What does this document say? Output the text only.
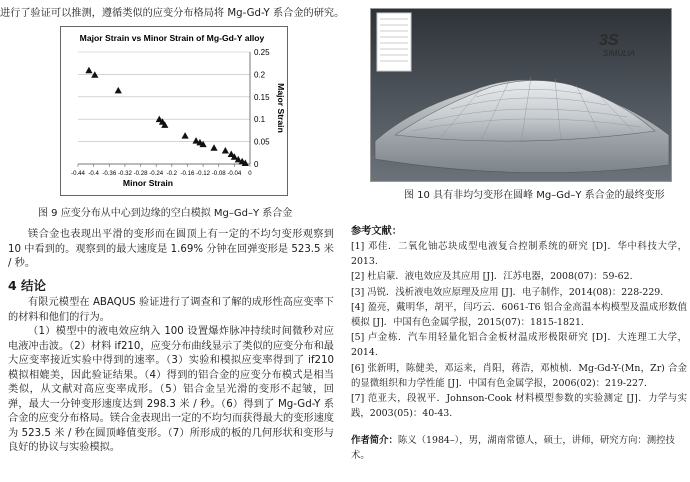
进行了验证可以推测，遵循类似的应变分布格局将 Mg-Gd-Y 系合金的研究。
Major Strain vs Minor Strain of Mg-Gd-Y alloy
-0.44 -0.4 -0.36 -0.32 -0.28 -0.24 -0.2 -0.16 -0.12 -0.08 -0.04 0
0.25
0.2
0.15
0.1
0.05
0
Minor Strain
Major Strain
图 9 应变分布从中心到边缘的空白模拟 Mg–Gd–Y 系合金

镁合金也表现出平滑的变形而在圆顶上有一定的不均匀变形观察到 10 中看到的。观察到的最大速度是 1.69% 分钟在回弹变形是 523.5 米 / 秒。

4 结论

有限元模型在 ABAQUS 验证进行了调查和了解的成形性高应变率下的材料和他们的行为。

（1）模型中的液电效应纳入 100 设置爆炸脉冲持续时间微秒对应电液冲击波。（2）材料 if210，应变分布曲线显示了类似的应变分布和最大应变率接近实验中得到的速率。（3）实验和模拟应变率得到了 if210 模拟相媲美，因此验证结果。（4）得到的铝合金的应变分布模式是相当类似，从文献对高应变率成形。（5）铝合金呈光滑的变形不起皱，回弹，最大一分钟变形速度达到 298.3 米 / 秒。（6）得到了 Mg-Gd-Y 系合金的应变分布格局。镁合金表现出一定的不均匀而获得最大的变形速度为 523.5 米 / 秒在圆顶峰值变形。（7）所形成的板的几何形状和变形与良好的协议与实验模拟。

3S
SIMULIA
图 10 具有非均匀变形在圆峰 Mg–Gd–Y 系合金的最终变形
参考文献：

[1] 邓佳．二氧化铀芯块成型电液复合控制系统的研究 [D]．华中科技大学，2013.

[2] 杜启蒙．液电效应及其应用 [J]．江苏电器，2008(07)：59-62.

[3] 冯锐．浅析液电效应原理及应用 [J]．电子制作，2014(08)：228-229.

[4] 盈亮，戴明华，胡平，闫巧云．6061-T6 铝合金高温本构模型及温成形数值模拟 [J]．中国有色金属学报，2015(07)：1815-1821.

[5] 卢金栋．汽车用轻量化铝合金板材温成形极限研究 [D]．大连理工大学，2014.

[6] 张新明，陈健美，邓运来，肖阳，蒋浩，邓桢桢．Mg-Gd-Y-(Mn，Zr) 合金的显微组织和力学性能 [J]．中国有色金属学报，2006(02)：219-227.

[7] 范亚夫，段祝平．Johnson-Cook 材料模型参数的实验测定 [J]．力学与实践，2003(05)：40-43.

作者简介：陈义（1984–），男，湖南常德人，硕士，讲师，研究方向：测控技术。
